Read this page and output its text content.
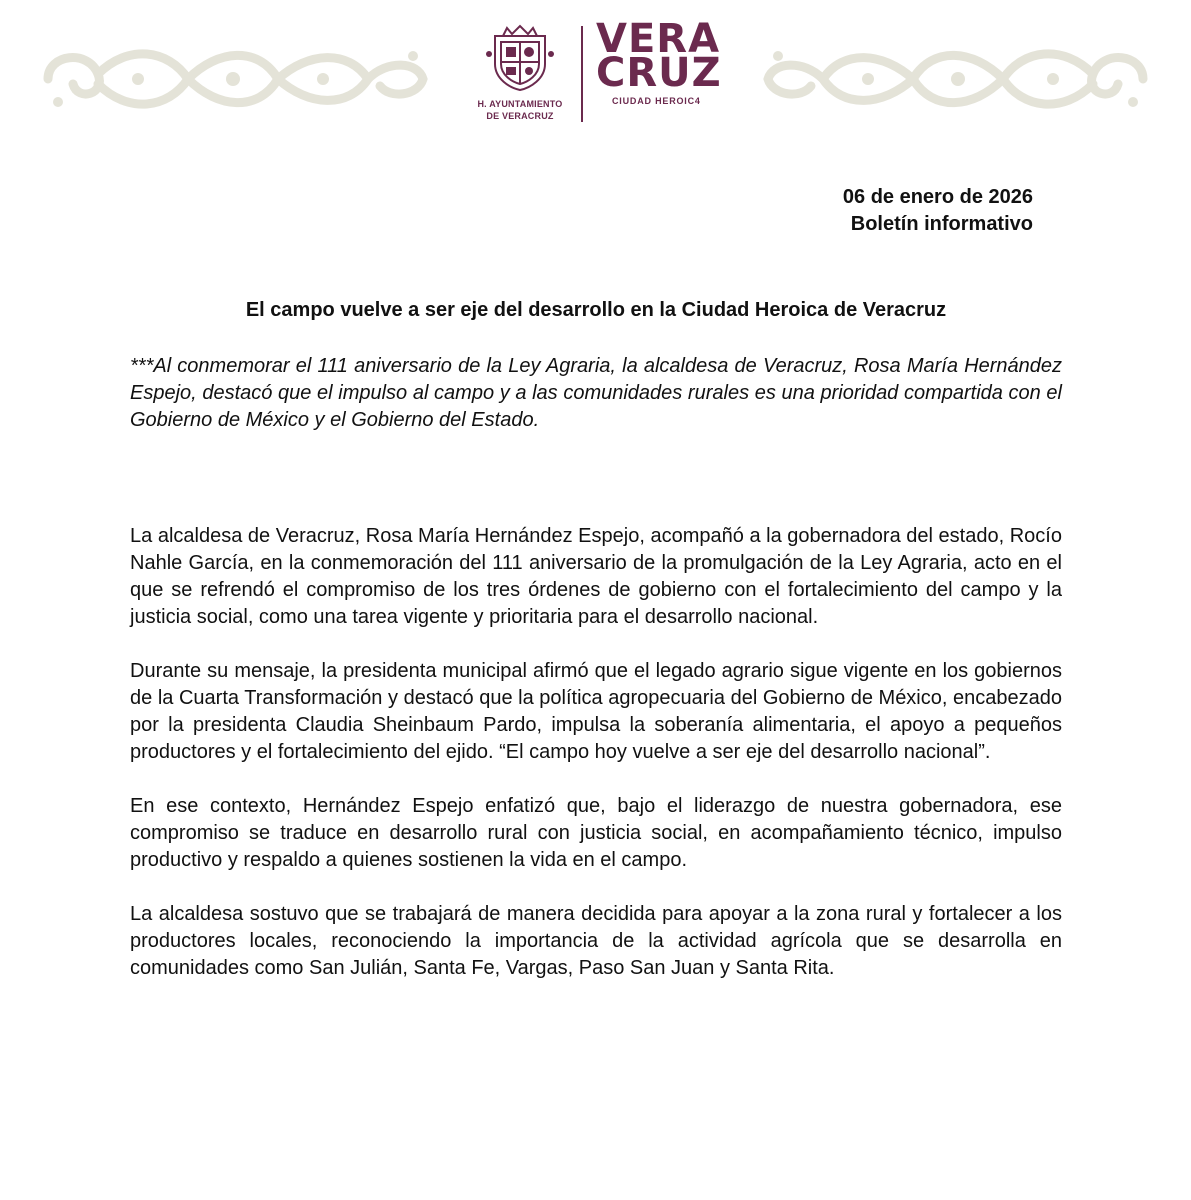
H. AYUNTAMIENTO
DE VERACRUZ
VERA
CRUZ
CIUDAD HEROIC4
06 de enero de 2026
Boletín informativo
El campo vuelve a ser eje del desarrollo en la Ciudad Heroica de Veracruz
***Al conmemorar el 111 aniversario de la Ley Agraria, la alcaldesa de Veracruz, Rosa María Hernández Espejo, destacó que el impulso al campo y a las comunidades rurales es una prioridad compartida con el Gobierno de México y el Gobierno del Estado.

La alcaldesa de Veracruz, Rosa María Hernández Espejo, acompañó a la gobernadora del estado, Rocío Nahle García, en la conmemoración del 111 aniversario de la promulgación de la Ley Agraria, acto en el que se refrendó el compromiso de los tres órdenes de gobierno con el fortalecimiento del campo y la justicia social, como una tarea vigente y prioritaria para el desarrollo nacional.

Durante su mensaje, la presidenta municipal afirmó que el legado agrario sigue vigente en los gobiernos de la Cuarta Transformación y destacó que la política agropecuaria del Gobierno de México, encabezado por la presidenta Claudia Sheinbaum Pardo, impulsa la soberanía alimentaria, el apoyo a pequeños productores y el fortalecimiento del ejido. “El campo hoy vuelve a ser eje del desarrollo nacional”.

En ese contexto, Hernández Espejo enfatizó que, bajo el liderazgo de nuestra gobernadora, ese compromiso se traduce en desarrollo rural con justicia social, en acompañamiento técnico, impulso productivo y respaldo a quienes sostienen la vida en el campo.

La alcaldesa sostuvo que se trabajará de manera decidida para apoyar a la zona rural y fortalecer a los productores locales, reconociendo la importancia de la actividad agrícola que se desarrolla en comunidades como San Julián, Santa Fe, Vargas, Paso San Juan y Santa Rita.
